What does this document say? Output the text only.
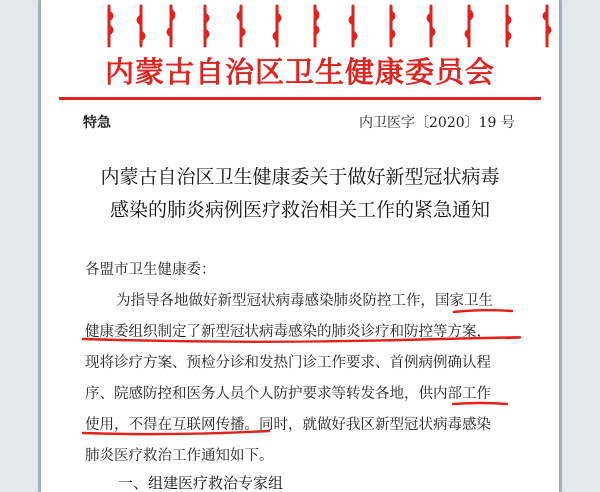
内蒙古自治区卫生健康委员会
特急	内卫医字〔2020〕19 号
内蒙古自治区卫生健康委关于做好新型冠状病毒
感染的肺炎病例医疗救治相关工作的紧急通知
各盟市卫生健康委：
为指导各地做好新型冠状病毒感染肺炎防控工作，国家卫生
健康委组织制定了新型冠状病毒感染的肺炎诊疗和防控等方案，
现将诊疗方案、预检分诊和发热门诊工作要求、首例病例确认程
序、院感防控和医务人员个人防护要求等转发各地，供内部工作
使用，不得在互联网传播。同时，就做好我区新型冠状病毒感染
肺炎医疗救治工作通知如下。
一、组建医疗救治专家组
